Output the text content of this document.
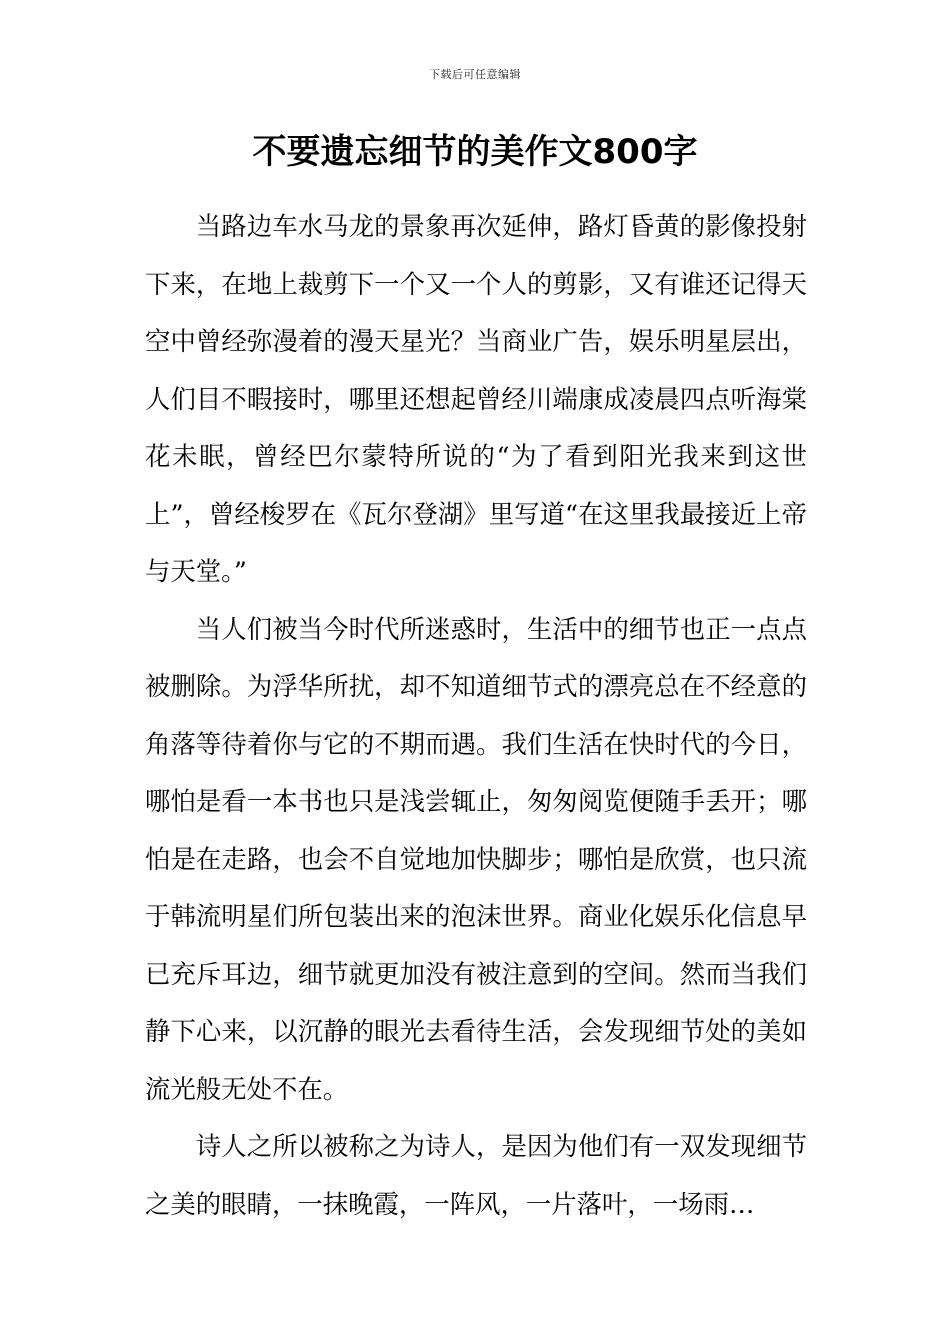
下载后可任意编辑
不要遗忘细节的美作文800字

当路边车水马龙的景象再次延伸，路灯昏黄的影像投射下来，在地上裁剪下一个又一个人的剪影，又有谁还记得天空中曾经弥漫着的漫天星光？当商业广告，娱乐明星层出，人们目不暇接时，哪里还想起曾经川端康成凌晨四点听海棠花未眠，曾经巴尔蒙特所说的“为了看到阳光我来到这世上”，曾经梭罗在《瓦尔登湖》里写道“在这里我最接近上帝与天堂。”

当人们被当今时代所迷惑时，生活中的细节也正一点点被删除。为浮华所扰，却不知道细节式的漂亮总在不经意的角落等待着你与它的不期而遇。我们生活在快时代的今日，哪怕是看一本书也只是浅尝辄止，匆匆阅览便随手丢开；哪怕是在走路，也会不自觉地加快脚步；哪怕是欣赏，也只流于韩流明星们所包装出来的泡沫世界。商业化娱乐化信息早已充斥耳边，细节就更加没有被注意到的空间。然而当我们静下心来，以沉静的眼光去看待生活，会发现细节处的美如流光般无处不在。

诗人之所以被称之为诗人，是因为他们有一双发现细节之美的眼睛，一抹晚霞，一阵风，一片落叶，一场雨…
